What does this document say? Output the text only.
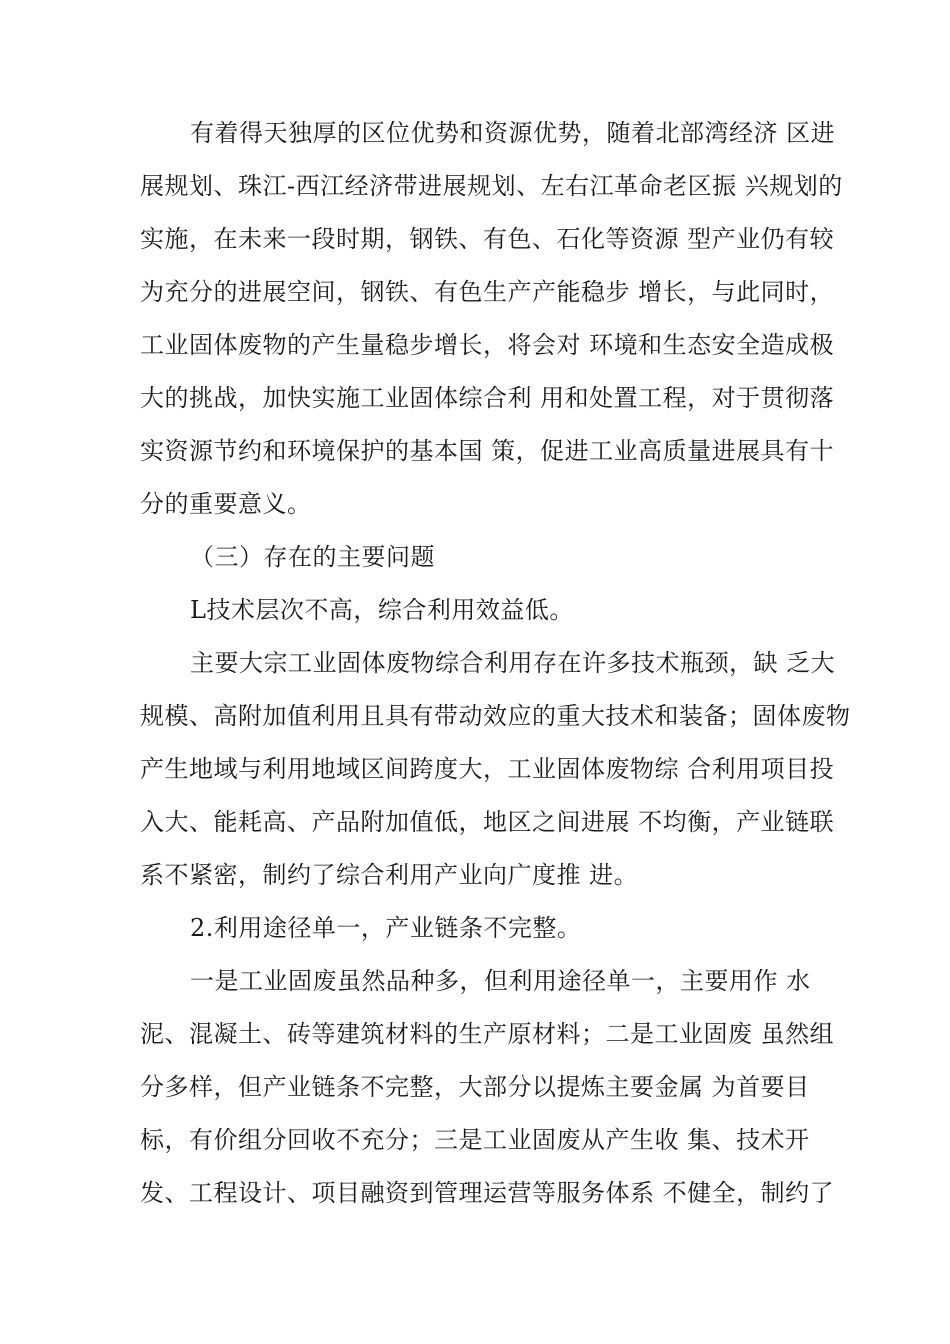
有着得天独厚的区位优势和资源优势，随着北部湾经济 区进
展规划、珠江-西江经济带进展规划、左右江革命老区振 兴规划的
实施，在未来一段时期，钢铁、有色、石化等资源 型产业仍有较
为充分的进展空间，钢铁、有色生产产能稳步 增长，与此同时，
工业固体废物的产生量稳步增长，将会对 环境和生态安全造成极
大的挑战，加快实施工业固体综合利 用和处置工程，对于贯彻落
实资源节约和环境保护的基本国 策，促进工业高质量进展具有十
分的重要意义。
（三）存在的主要问题
L技术层次不高，综合利用效益低。
主要大宗工业固体废物综合利用存在许多技术瓶颈，缺 乏大
规模、高附加值利用且具有带动效应的重大技术和装备；固体废物
产生地域与利用地域区间跨度大，工业固体废物综 合利用项目投
入大、能耗高、产品附加值低，地区之间进展 不均衡，产业链联
系不紧密，制约了综合利用产业向广度推 进。
2.利用途径单一，产业链条不完整。
一是工业固废虽然品种多，但利用途径单一，主要用作 水
泥、混凝土、砖等建筑材料的生产原材料；二是工业固废 虽然组
分多样，但产业链条不完整，大部分以提炼主要金属 为首要目
标，有价组分回收不充分；三是工业固废从产生收 集、技术开
发、工程设计、项目融资到管理运营等服务体系 不健全，制约了
